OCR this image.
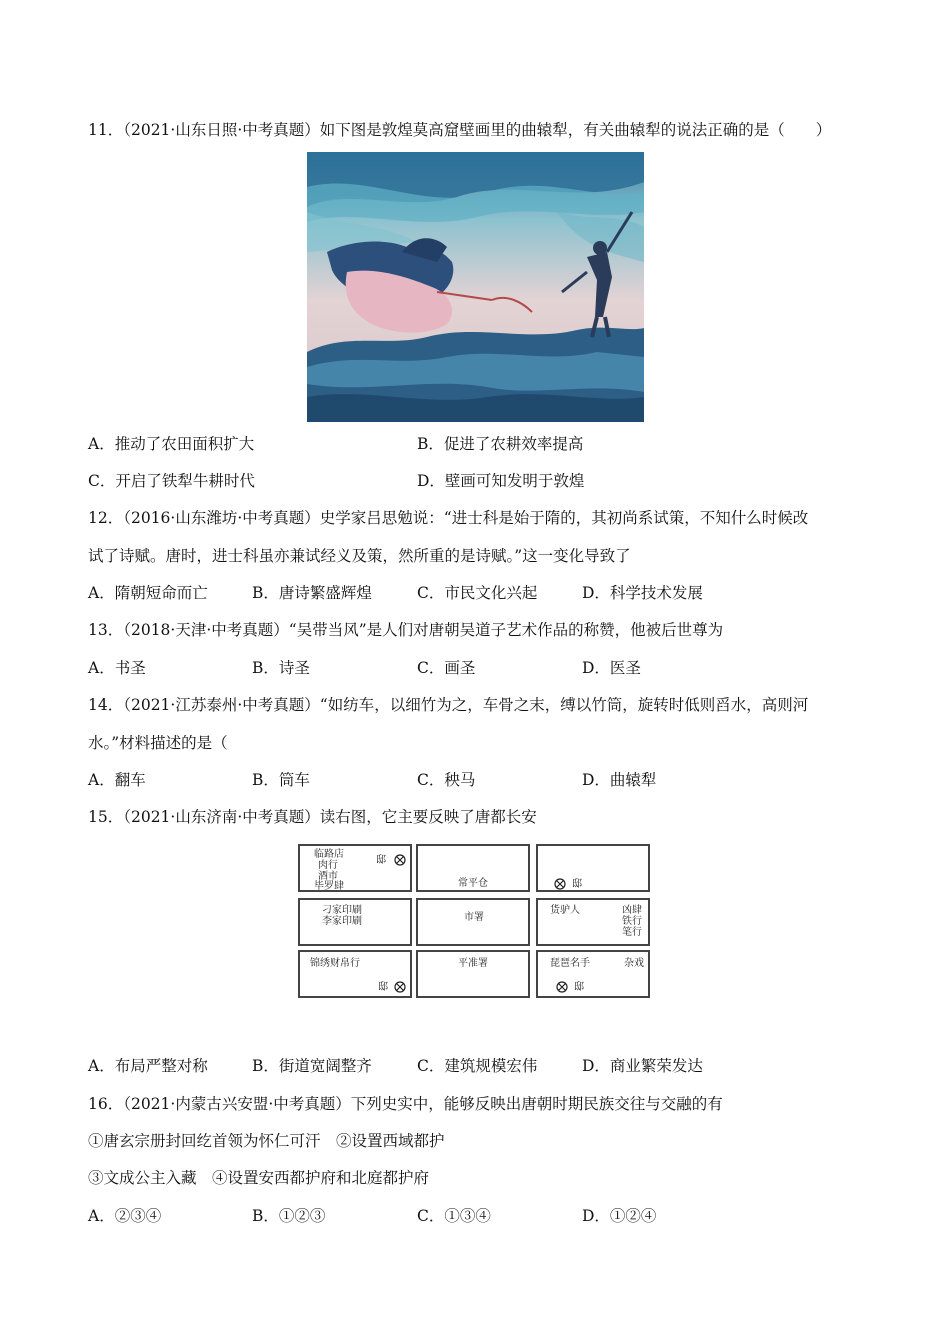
11．（2021·山东日照·中考真题）如下图是敦煌莫高窟壁画里的曲辕犁，有关曲辕犁的说法正确的是（　　）
A．推动了农田面积扩大	B．促进了农耕效率提高
C．开启了铁犁牛耕时代	D．壁画可知发明于敦煌
12．（2016·山东潍坊·中考真题）史学家吕思勉说：“进士科是始于隋的，其初尚系试策，不知什么时候改
试了诗赋。唐时，进士科虽亦兼试经义及策，然所重的是诗赋。”这一变化导致了
A．隋朝短命而亡	B．唐诗繁盛辉煌	C．市民文化兴起	D．科学技术发展
13．（2018·天津·中考真题）“吴带当风”是人们对唐朝吴道子艺术作品的称赞，他被后世尊为
A．书圣	B．诗圣	C．画圣	D．医圣
14．（2021·江苏泰州·中考真题）“如纺车，以细竹为之，车骨之末，缚以竹筒，旋转时低则舀水，高则河
水。”材料描述的是（
A．翻车	B．筒车	C．秧马	D．曲辕犁
15．（2021·山东济南·中考真题）读右图，它主要反映了唐都长安
临路店
肉行
酒市
毕罗肆
邸
常平仓	邸
刁家印刷
李家印刷	市署
货驴人	凶肆
铁行
笔行
锦绣财帛行
邸
平准署	琵琶名手	杂戏
邸
A．布局严整对称	B．街道宽阔整齐	C．建筑规模宏伟	D．商业繁荣发达
16．（2021·内蒙古兴安盟·中考真题）下列史实中，能够反映出唐朝时期民族交往与交融的有
①唐玄宗册封回纥首领为怀仁可汗　②设置西域都护
③文成公主入藏　④设置安西都护府和北庭都护府
A．②③④	B．①②③	C．①③④	D．①②④
